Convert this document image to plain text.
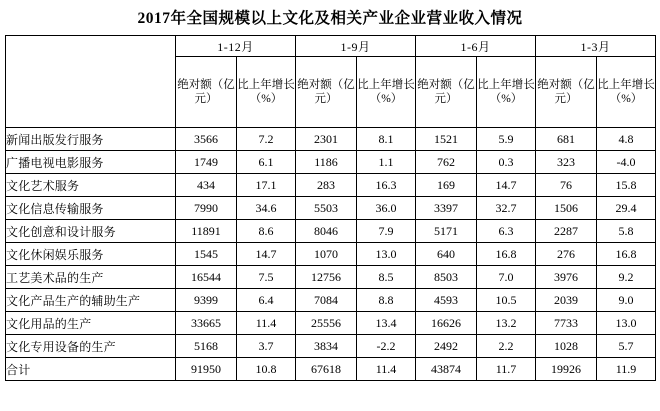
2017年全国规模以上文化及相关产业企业营业收入情况
	1-12月		1-9月		1-6月		1-3月	
	绝对额（亿元）	比上年增长（%）	绝对额（亿元）	比上年增长（%）	绝对额（亿元）	比上年增长（%）	绝对额（亿元）	比上年增长（%）
新闻出版发行服务	3566	7.2	2301	8.1	1521	5.9	681	4.8
广播电视电影服务	1749	6.1	1186	1.1	762	0.3	323	-4.0
文化艺术服务	434	17.1	283	16.3	169	14.7	76	15.8
文化信息传输服务	7990	34.6	5503	36.0	3397	32.7	1506	29.4
文化创意和设计服务	11891	8.6	8046	7.9	5171	6.3	2287	5.8
文化休闲娱乐服务	1545	14.7	1070	13.0	640	16.8	276	16.8
工艺美术品的生产	16544	7.5	12756	8.5	8503	7.0	3976	9.2
文化产品生产的辅助生产	9399	6.4	7084	8.8	4593	10.5	2039	9.0
文化用品的生产	33665	11.4	25556	13.4	16626	13.2	7733	13.0
文化专用设备的生产	5168	3.7	3834	-2.2	2492	2.2	1028	5.7
合计	91950	10.8	67618	11.4	43874	11.7	19926	11.9
